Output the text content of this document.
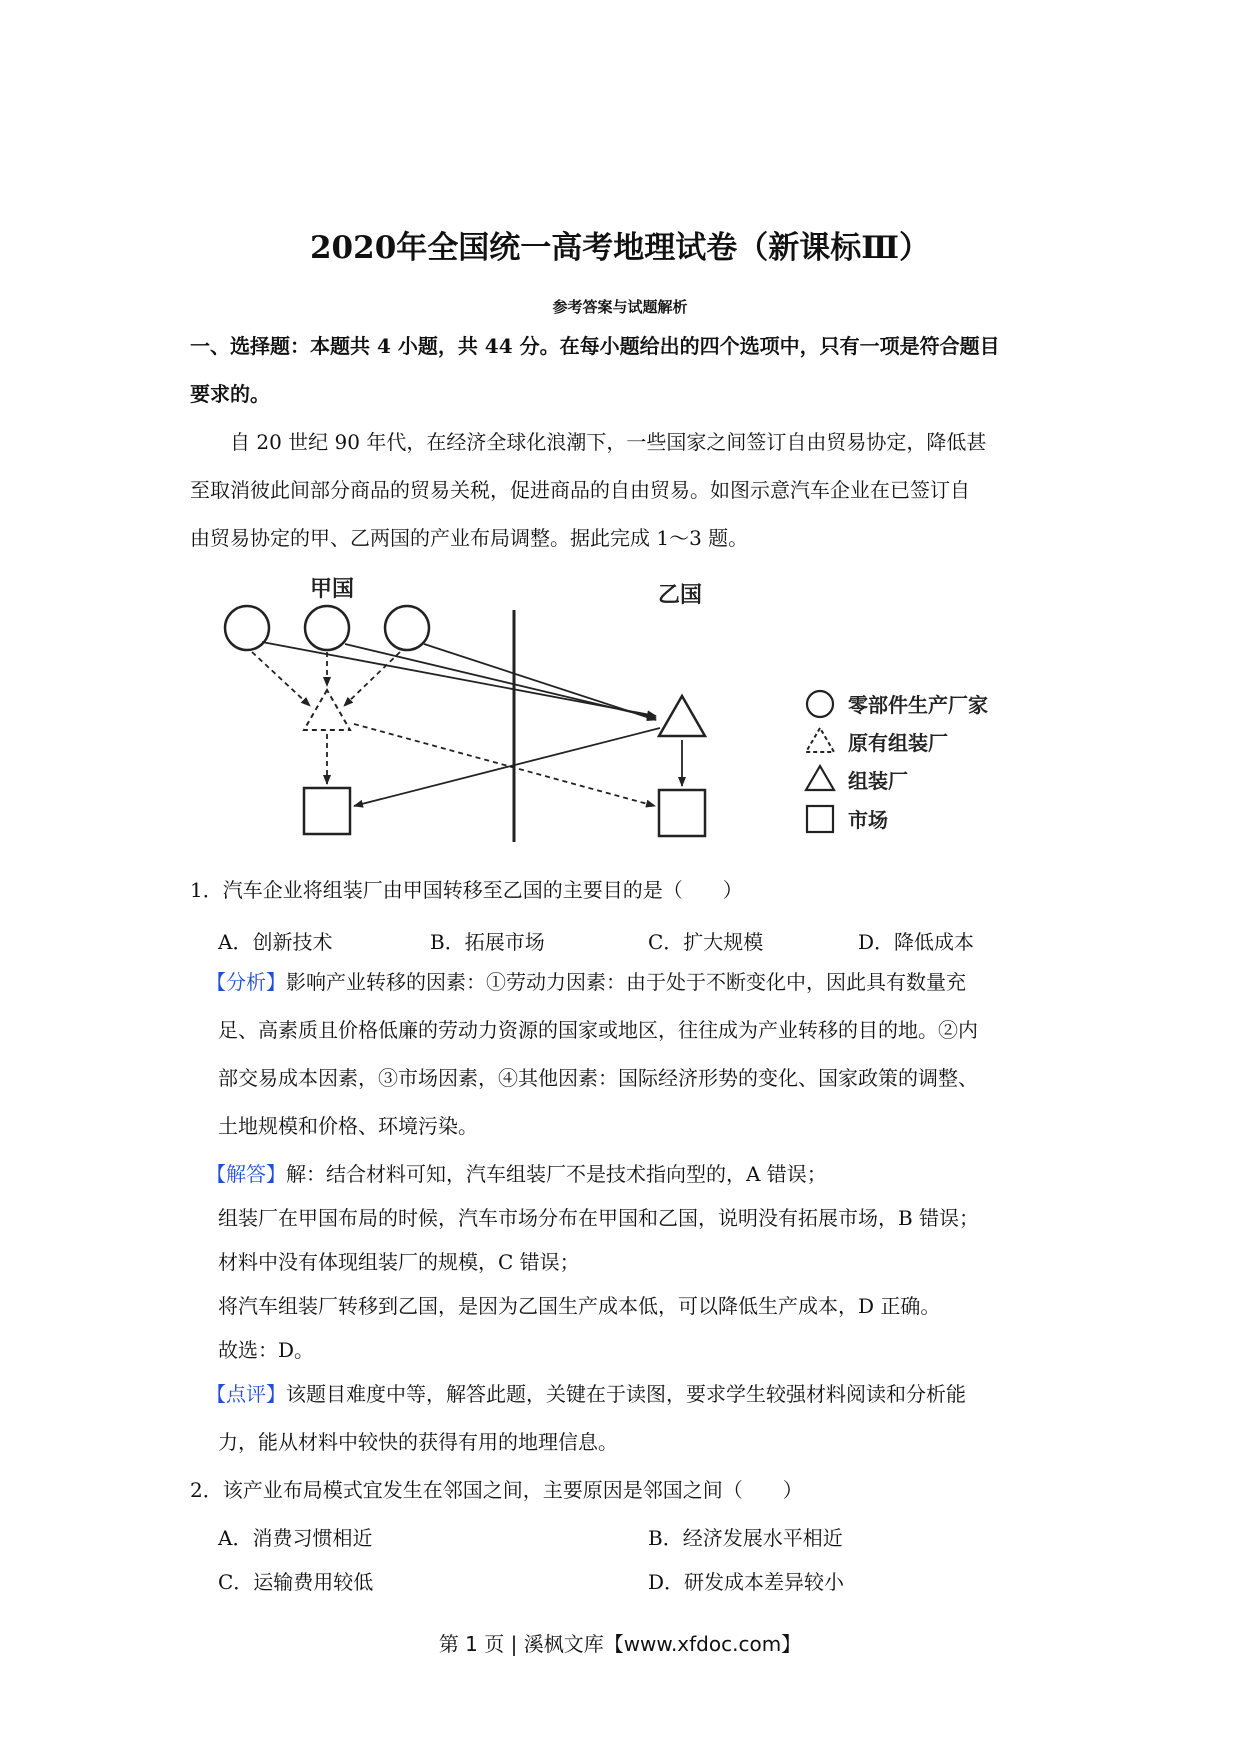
2020年全国统一高考地理试卷（新课标Ⅲ）
参考答案与试题解析
一、选择题：本题共 4 小题，共 44 分。在每小题给出的四个选项中，只有一项是符合题目
要求的。
自 20 世纪 90 年代，在经济全球化浪潮下，一些国家之间签订自由贸易协定，降低甚
至取消彼此间部分商品的贸易关税，促进商品的自由贸易。如图示意汽车企业在已签订自
由贸易协定的甲、乙两国的产业布局调整。据此完成 1～3 题。
甲国	乙国
零部件生产厂家
原有组装厂
组装厂
市场
1．汽车企业将组装厂由甲国转移至乙国的主要目的是（　　）
A．创新技术	B．拓展市场	C．扩大规模	D．降低成本
【分析】影响产业转移的因素：①劳动力因素：由于处于不断变化中，因此具有数量充
足、高素质且价格低廉的劳动力资源的国家或地区，往往成为产业转移的目的地。②内
部交易成本因素，③市场因素，④其他因素：国际经济形势的变化、国家政策的调整、
土地规模和价格、环境污染。
【解答】解：结合材料可知，汽车组装厂不是技术指向型的，A 错误；
组装厂在甲国布局的时候，汽车市场分布在甲国和乙国，说明没有拓展市场，B 错误；
材料中没有体现组装厂的规模，C 错误；
将汽车组装厂转移到乙国，是因为乙国生产成本低，可以降低生产成本，D 正确。
故选：D。
【点评】该题目难度中等，解答此题，关键在于读图，要求学生较强材料阅读和分析能
力，能从材料中较快的获得有用的地理信息。
2．该产业布局模式宜发生在邻国之间，主要原因是邻国之间（　　）
A．消费习惯相近	B．经济发展水平相近
C．运输费用较低	D．研发成本差异较小
第 1 页 | 溪枫文库【www.xfdoc.com】
